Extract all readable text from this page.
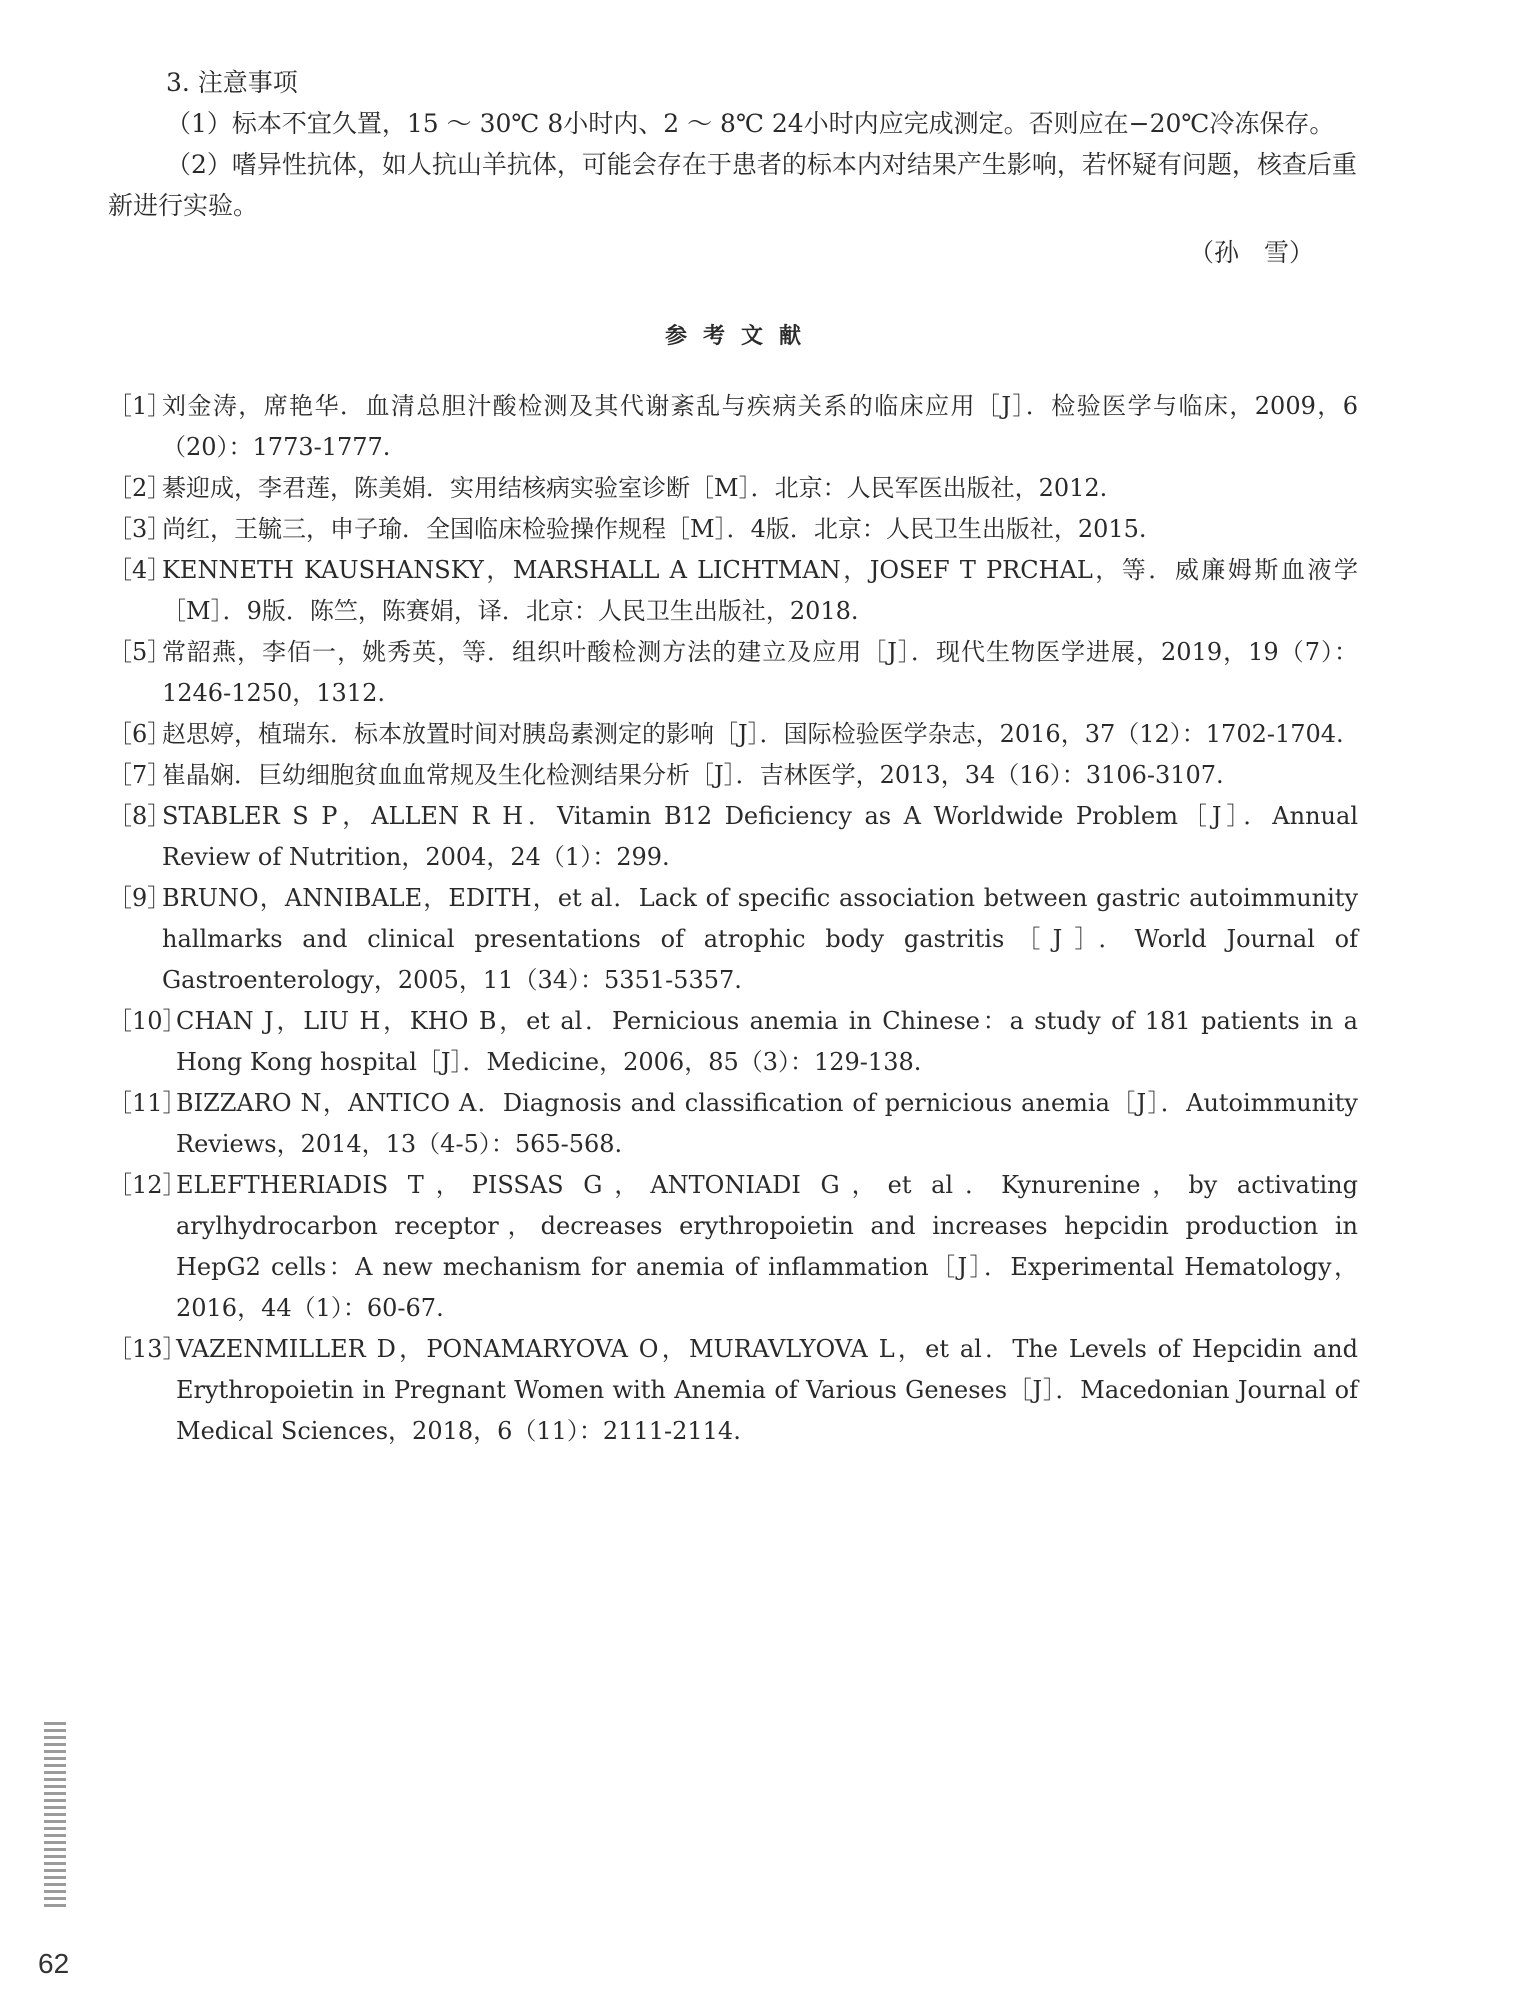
3. 注意事项

（1）标本不宜久置，15 ～ 30℃ 8小时内、2 ～ 8℃ 24小时内应完成测定。否则应在−20℃冷冻保存。

（2）嗜异性抗体，如人抗山羊抗体，可能会存在于患者的标本内对结果产生影响，若怀疑有问题，核查后重新进行实验。

（孙　雪）
参考文献
［1］
刘金涛，席艳华．血清总胆汁酸检测及其代谢紊乱与疾病关系的临床应用［J］．检验医学与临床，2009，6（20）：1773-1777.
［2］
綦迎成，李君莲，陈美娟．实用结核病实验室诊断［M］．北京：人民军医出版社，2012.
［3］
尚红，王毓三，申子瑜．全国临床检验操作规程［M］．4版．北京：人民卫生出版社，2015.
［4］
KENNETH KAUSHANSKY，MARSHALL A LICHTMAN，JOSEF T PRCHAL，等．威廉姆斯血液学［M］．9版．陈竺，陈赛娟，译．北京：人民卫生出版社，2018.
［5］
常韶燕，李佰一，姚秀英，等．组织叶酸检测方法的建立及应用［J］．现代生物医学进展，2019，19（7）：1246-1250，1312.
［6］
赵思婷，植瑞东．标本放置时间对胰岛素测定的影响［J］．国际检验医学杂志，2016，37（12）：1702-1704.
［7］
崔晶娴．巨幼细胞贫血血常规及生化检测结果分析［J］．吉林医学，2013，34（16）：3106-3107.
［8］
STABLER S P，ALLEN R H．Vitamin B12 Deficiency as A Worldwide Problem［J］．Annual Review of Nutrition，2004，24（1）：299.
［9］
BRUNO，ANNIBALE，EDITH，et al．Lack of specific association between gastric autoimmunity hallmarks and clinical presentations of atrophic body gastritis［J］．World Journal of Gastroenterology，2005，11（34）：5351-5357.
［10］
CHAN J，LIU H，KHO B，et al．Pernicious anemia in Chinese：a study of 181 patients in a Hong Kong hospital［J］．Medicine，2006，85（3）：129-138.
［11］
BIZZARO N，ANTICO A．Diagnosis and classification of pernicious anemia［J］．Autoimmunity Reviews，2014，13（4-5）：565-568.
［12］
ELEFTHERIADIS T，PISSAS G，ANTONIADI G，et al．Kynurenine，by activating arylhydrocarbon receptor，decreases erythropoietin and increases hepcidin production in HepG2 cells：A new mechanism for anemia of inflammation［J］．Experimental Hematology，2016，44（1）：60-67.
［13］
VAZENMILLER D，PONAMARYOVA O，MURAVLYOVA L，et al．The Levels of Hepcidin and Erythropoietin in Pregnant Women with Anemia of Various Geneses［J］．Macedonian Journal of Medical Sciences，2018，6（11）：2111-2114.
62
